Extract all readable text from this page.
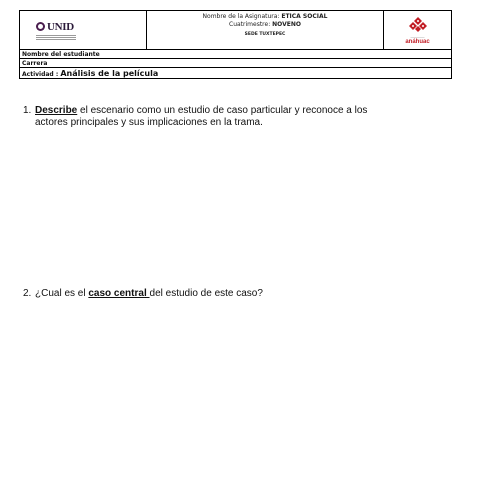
UNID
Nombre de la Asignatura: ETICA SOCIAL
Cuatrimestre: NOVENO
SEDE TUXTEPEC	————
anáhuac
Nombre del estudiante
Carrera
Actividad : Análisis de la película
1. Describe el escenario como un estudio de caso particular y reconoce a los
actores principales y sus implicaciones en la trama.
2. ¿Cual es el caso central del estudio de este caso?
